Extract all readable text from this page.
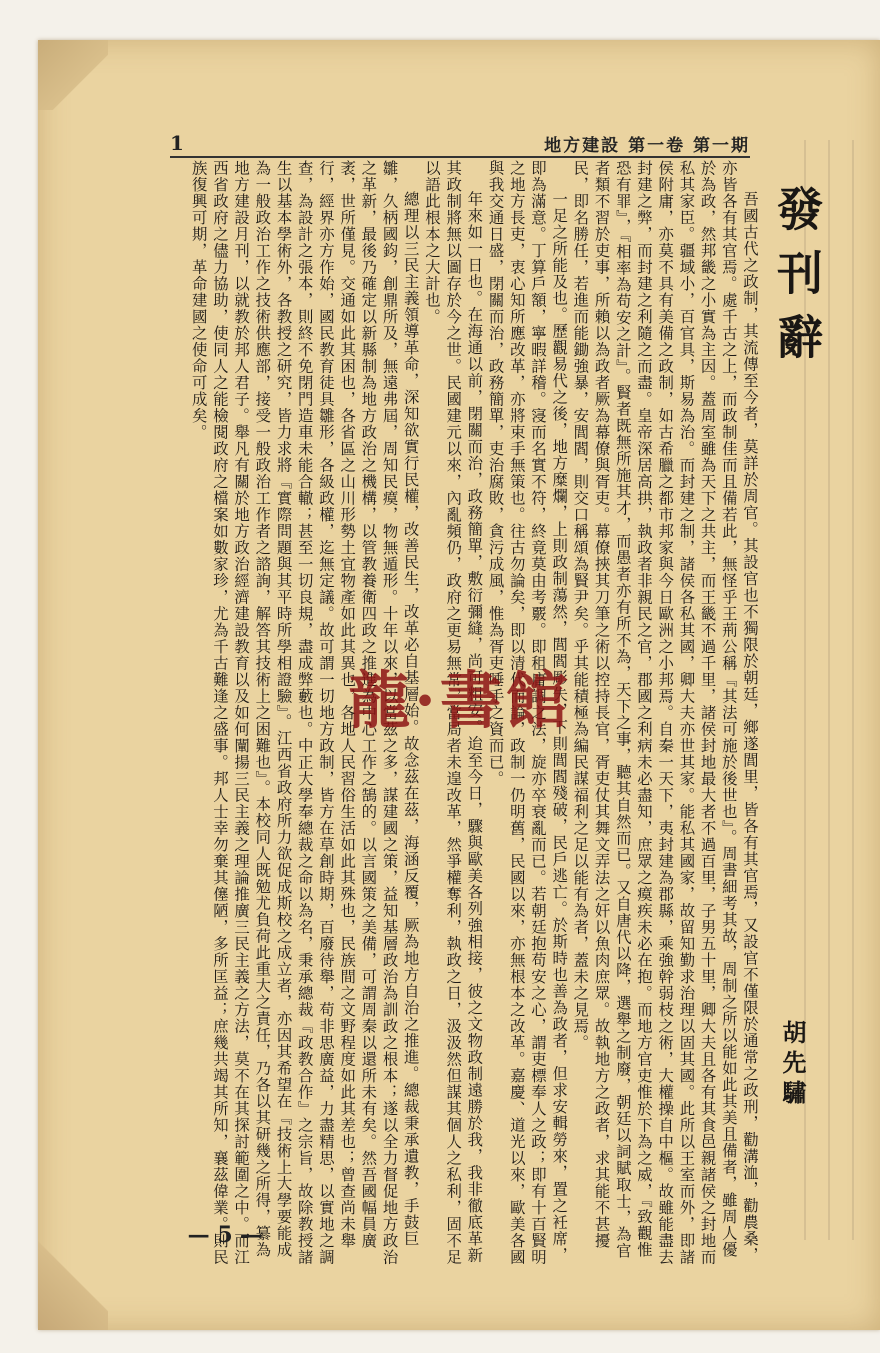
1	地方建設 第一卷 第一期
發刊辭
胡先驌

吾國古代之政制，其流傳至今者，莫詳於周官。其設官也不獨限於朝廷，鄉遂閭里，皆各有其官焉，又設官不僅限於通常之政刑，勸溝洫，勸農桑，亦皆各有其官焉。處千古之上，而政制佳而且備若此，無怪乎王荊公稱『其法可施於後世也』。周書細考其故，周制之所以能如此其美且備者，雖周人優於為政，然邦畿之小實為主因。蓋周室雖為天下之共主，而王畿不過千里，諸侯封地最大者不過百里，子男五十里，卿大夫且各有其食邑親諸侯之封地而私其家臣。疆域小，百官具，斯易為治。而封建之制，諸侯各私其國，卿大夫亦世其家。能私其國家，故留知勤求治理以固其國。此所以王室而外，即諸侯附庸，亦莫不具有美備之政制，如古希臘之都市邦家與今日歐洲之小邦焉。自秦一天下，夷封建為郡縣，乘強幹弱枝之術，大權操自中樞。故雖能盡去封建之弊，而封建之利隨之而盡。皇帝深居高拱，執政者非親民之官，郡國之利病未必盡知，庶眾之瘼疾未必在抱。而地方官吏惟於下為之威，『致觀惟恐有罪』，『相率為苟安之計』。賢者既無所施其才，而愚者亦有所不為，天下之事，聽其自然而已。又自唐代以降，選舉之制廢，朝廷以詞賦取士，為官者類不習於吏事，所賴以為政者厥為幕僚與胥吏。幕僚挾其刀筆之術以控持長官，胥吏仗其舞文弄法之奸以魚肉庶眾。故執地方之政者，求其能不甚擾民，即名勝任，若進而能鋤強暴，安閭閻，則交口稱頌為賢尹矣。乎其能積極為編民謀福利之足以能有為者，蓋未之見焉。

一足之所能及也。歷觀易代之後，地方糜爛，上則政制蕩然，閭閻彫失，下則閭閻殘破，民戶逃亡。於斯時也善為政者，但求安輯勞來，置之衽席，即為滿意。丁算戶額，寧暇詳稽。寖而名實不符，終竟莫由考覈。即租庸調之法，旋亦卒衰亂而已。若朝廷抱苟安之心，謂吏標奉人之政；即有十百賢明之地方長吏，衷心知所應改革，亦將束手無策也。往古勿論矣，即以清代而論，政制一仍明舊，民國以來，亦無根本之改革。嘉慶、道光以來，歐美各國與我交通日盛，閉關而治，政務簡單，吏治腐敗，貪污成風，惟為胥吏唾手之資而已。

年來如一日也。在海通以前，閉關而治，政務簡單，敷衍彌縫，尚可粗安。迨至今日，驟與歐美各列強相接，彼之文物政制遠勝於我，我非徹底革新其政制將無以圖存於今之世。民國建元以來，內亂頻仍，政府之更易無常，當局者未遑改革，然爭權奪利，執政之日，汲汲然但謀其個人之私利，固不足以語此根本之大計也。

總理以三民主義領導革命，深知欲實行民權，改善民生，改革必自基層始。故念茲在茲，海涵反覆，厥為地方自治之推進。總裁秉承遺教，手鼓巨雛，久柄國鈞，創鼎所及，無遠弗屆，周知民瘼，物無遁形。十年以來，以當茲之多，謀建國之策，益知基層政治為訓政之根本；遂以全力督促地方政治之革新，最後乃確定以新縣制為地方政治之機構，以管教養衛四政之推進為中心工作之鵠的。以言國策之美備，可謂周秦以還所未有矣。然吾國幅員廣袤，世所僅見。交通如此其困也，各省區之山川形勢土宜物產如此其異也，各地人民習俗生活如此其殊也，民族間之文野程度如此其差也；曾查尚未舉行，經界亦方作始，國民教育徒具雛形，各級政權，迄無定議。故可謂一切地方政制，皆方在草創時期，百廢待舉，苟非思廣益，力盡精思，以實地之調查，為設計之張本，則終不免閉門造車未能合轍；甚至一切良規，盡成弊藪也。中正大學奉總裁之命以為名，秉承總裁『政教合作』之宗旨，故除教授諸生以基本學術外，各教授之研究，皆力求將『實際問題與其平時所學相證驗』。江西省政府所力欲促成斯校之成立者，亦因其希望在『技術上大學要能成為一般政治工作之技術供應部，接受一般政治工作者之諮詢，解答其技術上之困難也』。本校同人既勉尤負荷此重大之責任，乃各以其研幾之所得，纂為地方建設月刊，以就教於邦人君子。舉凡有關於地方政治經濟建設教育以及如何闡揚三民主義之理論推廣三民主義之方法，莫不在其探討範圍之中。而江西省政府之儘力協助，使同人之能檢閱政府之檔案如數家珍，尤為千古難逢之盛事。邦人士幸勿棄其僿陋，多所匡益；庶幾共竭其所知，襄茲偉業。則民族復興可期，革命建國之使命可成矣。

龍·書館
— 5 —
